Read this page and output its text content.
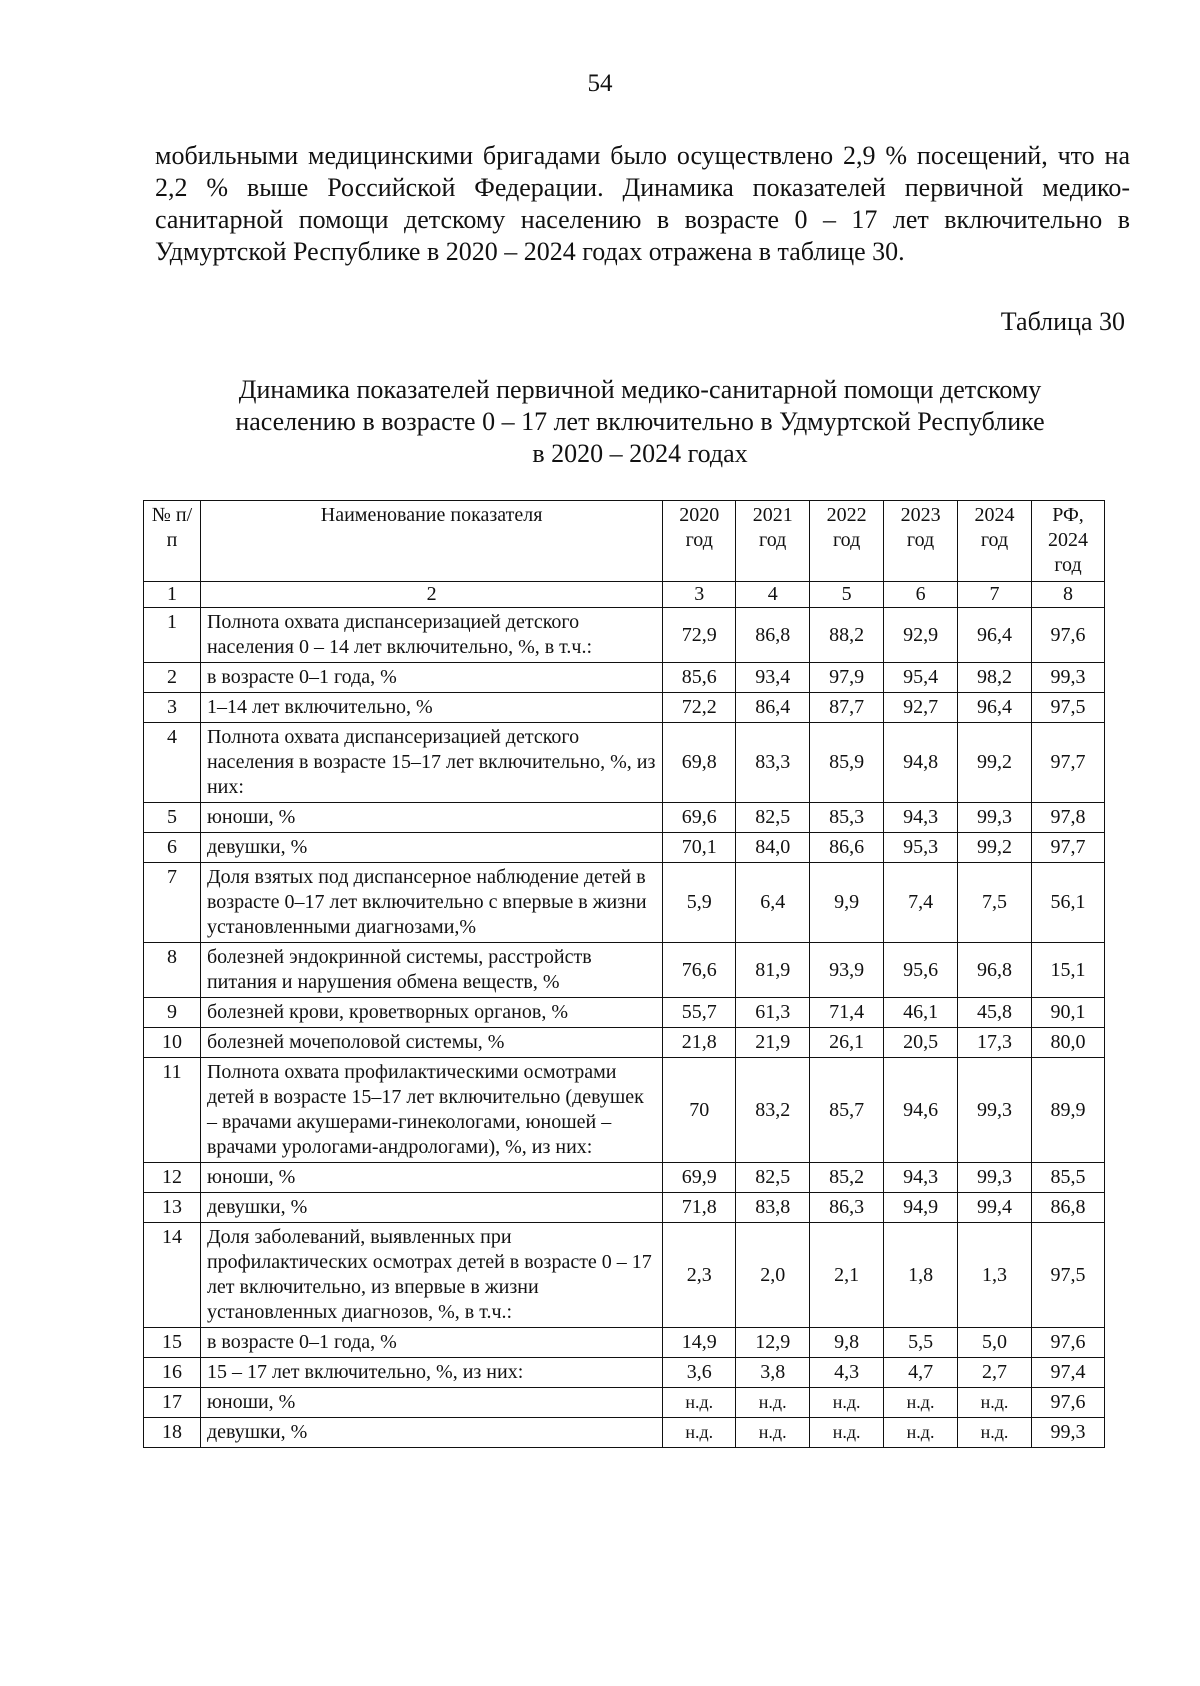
54

мобильными медицинскими бригадами было осуществлено 2,9 % посещений, что на 2,2 % выше Российской Федерации. Динамика показателей первичной медико-санитарной помощи детскому населению в возрасте 0 – 17 лет включительно в Удмуртской Республике в 2020 – 2024 годах отражена в таблице 30.

Таблица 30
Динамика показателей первичной медико-санитарной помощи детскому
населению в возрасте 0 – 17 лет включительно в Удмуртской Республике
в 2020 – 2024 годах
№ п/п	Наименование показателя	2020 год	2021 год	2022 год	2023 год	2024 год	РФ, 2024 год
1	2	3	4	5	6	7	8
1	Полнота охвата диспансеризацией детского населения 0 – 14 лет включительно, %, в т.ч.:	72,9	86,8	88,2	92,9	96,4	97,6
2	в возрасте 0–1 года, %	85,6	93,4	97,9	95,4	98,2	99,3
3	1–14 лет включительно, %	72,2	86,4	87,7	92,7	96,4	97,5
4	Полнота охвата диспансеризацией детского населения в возрасте 15–17 лет включительно, %, из них:	69,8	83,3	85,9	94,8	99,2	97,7
5	юноши, %	69,6	82,5	85,3	94,3	99,3	97,8
6	девушки, %	70,1	84,0	86,6	95,3	99,2	97,7
7	Доля взятых под диспансерное наблюдение детей в возрасте 0–17 лет включительно с впервые в жизни установленными диагнозами,%	5,9	6,4	9,9	7,4	7,5	56,1
8	болезней эндокринной системы, расстройств питания и нарушения обмена веществ, %	76,6	81,9	93,9	95,6	96,8	15,1
9	болезней крови, кроветворных органов, %	55,7	61,3	71,4	46,1	45,8	90,1
10	болезней мочеполовой системы, %	21,8	21,9	26,1	20,5	17,3	80,0
11	Полнота охвата профилактическими осмотрами детей в возрасте 15–17 лет включительно (девушек – врачами акушерами-гинекологами, юношей – врачами урологами-андрологами), %, из них:	70	83,2	85,7	94,6	99,3	89,9
12	юноши, %	69,9	82,5	85,2	94,3	99,3	85,5
13	девушки, %	71,8	83,8	86,3	94,9	99,4	86,8
14	Доля заболеваний, выявленных при профилактических осмотрах детей в возрасте 0 – 17 лет включительно, из впервые в жизни установленных диагнозов, %, в т.ч.:	2,3	2,0	2,1	1,8	1,3	97,5
15	в возрасте 0–1 года, %	14,9	12,9	9,8	5,5	5,0	97,6
16	15 – 17 лет включительно, %, из них:	3,6	3,8	4,3	4,7	2,7	97,4
17	юноши, %	н.д.	н.д.	н.д.	н.д.	н.д.	97,6
18	девушки, %	н.д.	н.д.	н.д.	н.д.	н.д.	99,3
